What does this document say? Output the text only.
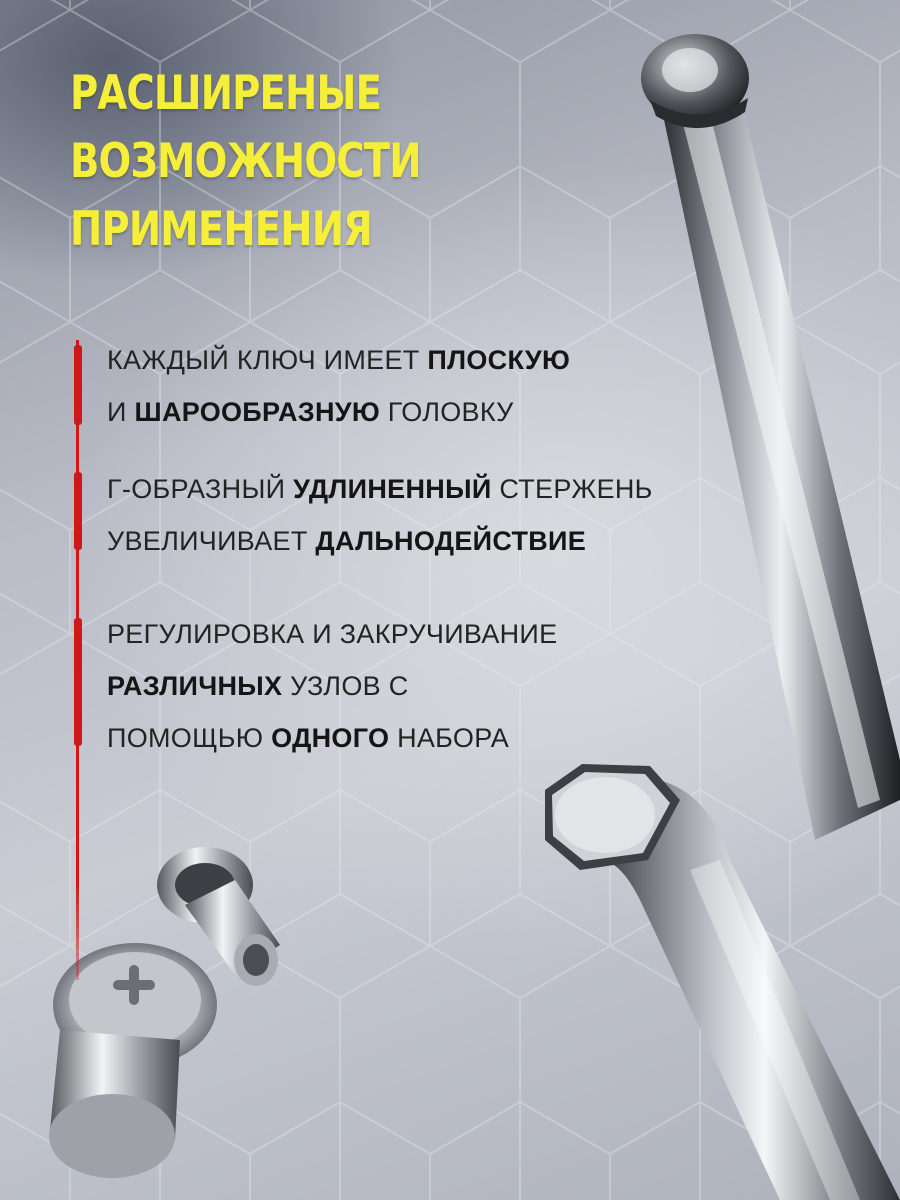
РАСШИРЕНЫЕ
ВОЗМОЖНОСТИ
ПРИМЕНЕНИЯ

КАЖДЫЙ КЛЮЧ ИМЕЕТ ПЛОСКУЮ
И ШАРООБРАЗНУЮ ГОЛОВКУ

Г-ОБРАЗНЫЙ УДЛИНЕННЫЙ СТЕРЖЕНЬ
УВЕЛИЧИВАЕТ ДАЛЬНОДЕЙСТВИЕ

РЕГУЛИРОВКА И ЗАКРУЧИВАНИЕ
РАЗЛИЧНЫХ УЗЛОВ С
ПОМОЩЬЮ ОДНОГО НАБОРА
